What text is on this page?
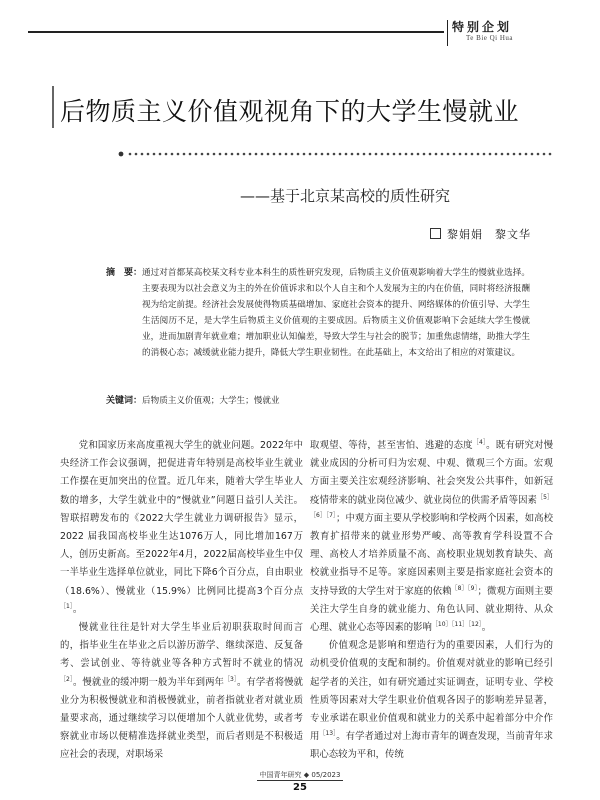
特别企划
Te Bie Qi Hua
后物质主义价值观视角下的大学生慢就业
——基于北京某高校的质性研究
黎娟娟　黎文华
摘　要： 通过对首都某高校某文科专业本科生的质性研究发现，后物质主义价值观影响着大学生的慢就业选择。主要表现为以社会意义为主的外在价值诉求和以个人自主和个人发展为主的内在价值，同时将经济报酬视为给定前提。经济社会发展使得物质基础增加、家庭社会资本的提升、网络媒体的价值引导、大学生生活阅历不足，是大学生后物质主义价值观的主要成因。后物质主义价值观影响下会延续大学生慢就业，进而加剧青年就业难；增加职业认知偏差，导致大学生与社会的脱节；加重焦虑情绪，助推大学生的消极心态；减缓就业能力提升，降低大学生职业韧性。在此基础上，本文给出了相应的对策建议。
关键词：后物质主义价值观；大学生；慢就业

党和国家历来高度重视大学生的就业问题。2022年中央经济工作会议强调，把促进青年特别是高校毕业生就业工作摆在更加突出的位置。近几年来，随着大学生毕业人数的增多，大学生就业中的“慢就业”问题日益引人关注。智联招聘发布的《2022大学生就业力调研报告》显示，2022 届我国高校毕业生达1076万人，同比增加167万人，创历史新高。至2022年4月，2022届高校毕业生中仅一半毕业生选择单位就业，同比下降6个百分点，自由职业（18.6%）、慢就业（15.9%）比例同比提高3个百分点$^{[1]}$。

慢就业往往是针对大学生毕业后初职获取时间而言的，指毕业生在毕业之后以游历游学、继续深造、反复备考、尝试创业、等待就业等各种方式暂时不就业的情况$^{[2]}$。慢就业的缓冲期一般为半年到两年$^{[3]}$。有学者将慢就业分为积极慢就业和消极慢就业，前者指就业者对就业质量要求高，通过继续学习以便增加个人就业优势，或者考察就业市场以便精准选择就业类型，而后者则是不积极适应社会的表现，对职场采

取观望、等待，甚至害怕、逃避的态度$^{[4]}$。既有研究对慢就业成因的分析可归为宏观、中观、微观三个方面。宏观方面主要关注宏观经济影响、社会突发公共事件，如新冠疫情带来的就业岗位减少、就业岗位的供需矛盾等因素$^{[5][6][7]}$；中观方面主要从学校影响和学校两个因素，如高校教育扩招带来的就业形势严峻、高等教育学科设置不合理、高校人才培养质量不高、高校职业规划教育缺失、高校就业指导不足等。家庭因素则主要是指家庭社会资本的支持导致的大学生对于家庭的依赖$^{[8][9]}$；微观方面则主要关注大学生自身的就业能力、角色认同、就业期待、从众心理、就业心态等因素的影响$^{[10][11][12]}$。

价值观念是影响和塑造行为的重要因素，人们行为的动机受价值观的支配和制约。价值观对就业的影响已经引起学者的关注，如有研究通过实证调查，证明专业、学校性质等因素对大学生职业价值观各因子的影响差异显著，专业承诺在职业价值观和就业力的关系中起着部分中介作用$^{[13]}$。有学者通过对上海市青年的调查发现，当前青年求职心态较为平和，传统

中国青年研究 ◆ 05/2023
25
